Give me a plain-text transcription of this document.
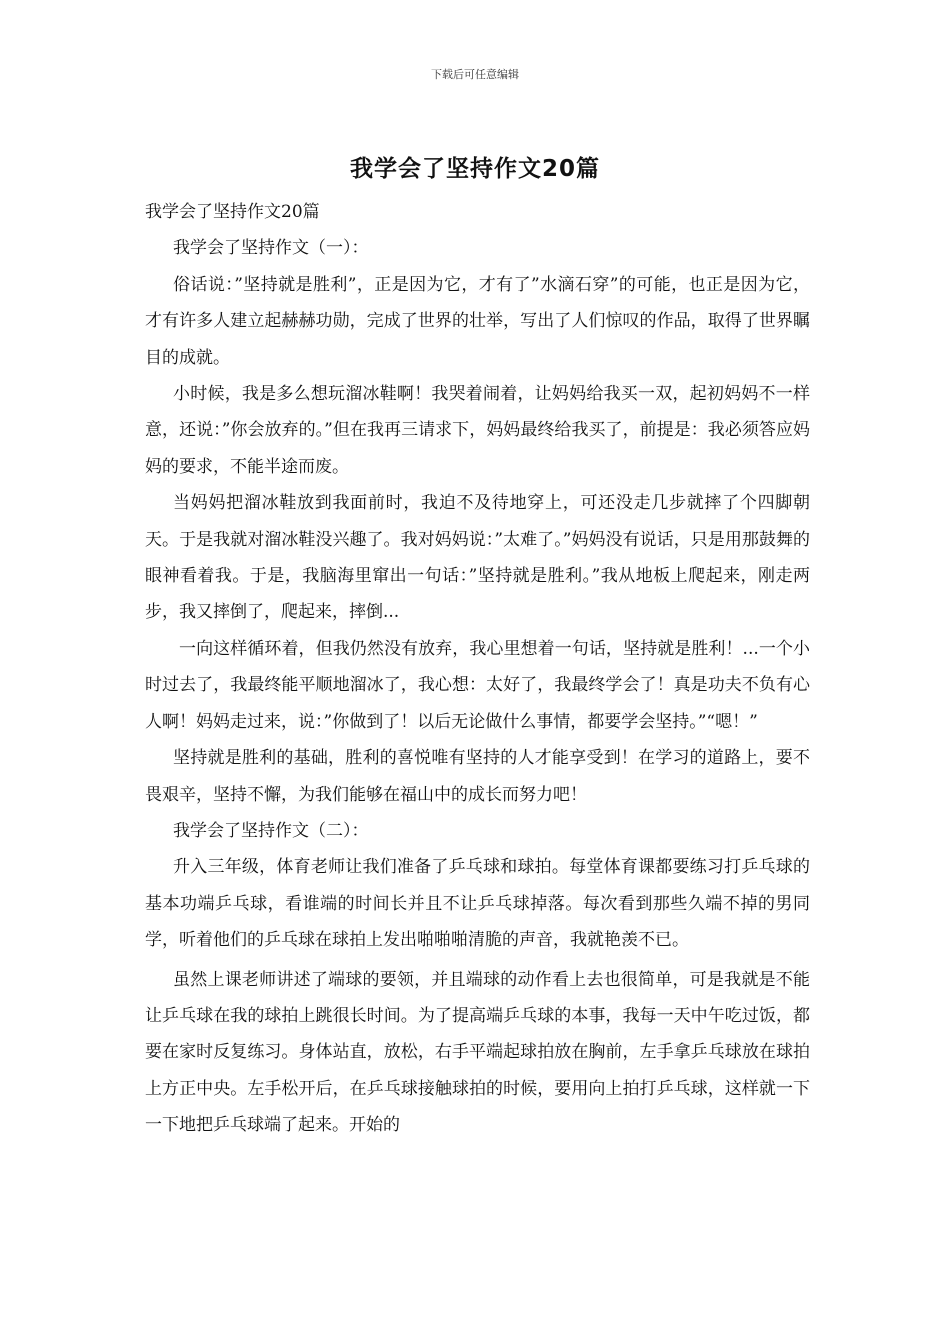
下载后可任意编辑
我学会了坚持作文20篇

我学会了坚持作文20篇

我学会了坚持作文（一）：

俗话说：”坚持就是胜利”，正是因为它，才有了”水滴石穿”的可能，也正是因为它，才有许多人建立起赫赫功勋，完成了世界的壮举，写出了人们惊叹的作品，取得了世界瞩目的成就。

小时候，我是多么想玩溜冰鞋啊！我哭着闹着，让妈妈给我买一双，起初妈妈不一样意，还说：”你会放弃的。”但在我再三请求下，妈妈最终给我买了，前提是：我必须答应妈妈的要求，不能半途而废。

当妈妈把溜冰鞋放到我面前时，我迫不及待地穿上，可还没走几步就摔了个四脚朝天。于是我就对溜冰鞋没兴趣了。我对妈妈说：”太难了。”妈妈没有说话，只是用那鼓舞的眼神看着我。于是，我脑海里窜出一句话：”坚持就是胜利。”我从地板上爬起来，刚走两步，我又摔倒了，爬起来，摔倒...

一向这样循环着，但我仍然没有放弃，我心里想着一句话，坚持就是胜利！...一个小时过去了，我最终能平顺地溜冰了，我心想：太好了，我最终学会了！真是功夫不负有心人啊！妈妈走过来，说：”你做到了！以后无论做什么事情，都要学会坚持。”“嗯！”

坚持就是胜利的基础，胜利的喜悦唯有坚持的人才能享受到！在学习的道路上，要不畏艰辛，坚持不懈，为我们能够在福山中的成长而努力吧！

我学会了坚持作文（二）：

升入三年级，体育老师让我们准备了乒乓球和球拍。每堂体育课都要练习打乒乓球的基本功端乒乓球，看谁端的时间长并且不让乒乓球掉落。每次看到那些久端不掉的男同学，听着他们的乒乓球在球拍上发出啪啪啪清脆的声音，我就艳羡不已。

虽然上课老师讲述了端球的要领，并且端球的动作看上去也很简单，可是我就是不能让乒乓球在我的球拍上跳很长时间。为了提高端乒乓球的本事，我每一天中午吃过饭，都要在家时反复练习。身体站直，放松，右手平端起球拍放在胸前，左手拿乒乓球放在球拍上方正中央。左手松开后，在乒乓球接触球拍的时候，要用向上拍打乒乓球，这样就一下一下地把乒乓球端了起来。开始的
